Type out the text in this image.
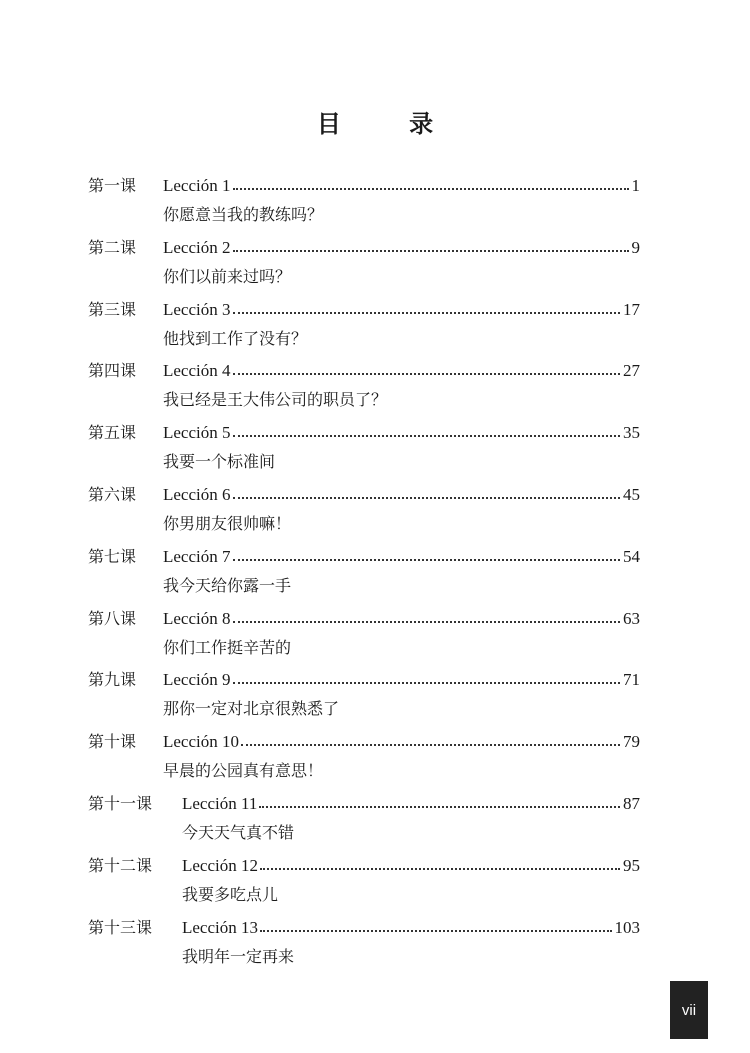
目 录
第一课	Lección 1	1
你愿意当我的教练吗？
第二课	Lección 2	9
你们以前来过吗？
第三课	Lección 3	17
他找到工作了没有？
第四课	Lección 4	27
我已经是王大伟公司的职员了？
第五课	Lección 5	35
我要一个标准间
第六课	Lección 6	45
你男朋友很帅嘛！
第七课	Lección 7	54
我今天给你露一手
第八课	Lección 8	63
你们工作挺辛苦的
第九课	Lección 9	71
那你一定对北京很熟悉了
第十课	Lección 10	79
早晨的公园真有意思！
第十一课	Lección 11	87
今天天气真不错
第十二课	Lección 12	95
我要多吃点儿
第十三课	Lección 13	103
我明年一定再来
vii
